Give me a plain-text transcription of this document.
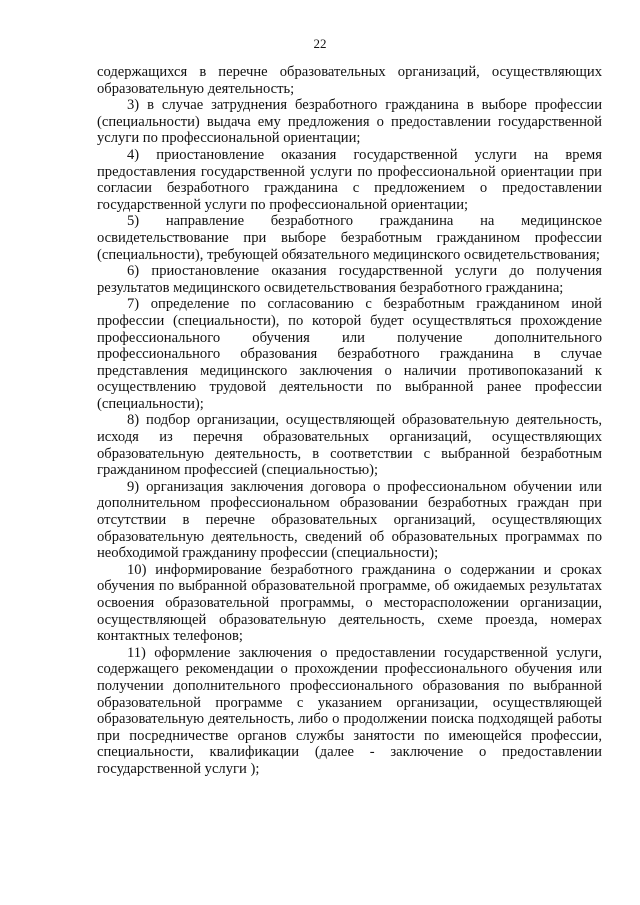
22

содержащихся в перечне образовательных организаций, осуществляющих образовательную деятельность;

3) в случае затруднения безработного гражданина в выборе профессии (специальности) выдача ему предложения о предоставлении государственной услуги по профессиональной ориентации;

4) приостановление оказания государственной услуги на время предоставления государственной услуги по профессиональной ориентации при согласии безработного гражданина с предложением о предоставлении государственной услуги по профессиональной ориентации;

5) направление безработного гражданина на медицинское освидетельствование при выборе безработным гражданином профессии (специальности), требующей обязательного медицинского освидетельствования;

6) приостановление оказания государственной услуги до получения результатов медицинского освидетельствования безработного гражданина;

7) определение по согласованию с безработным гражданином иной профессии (специальности), по которой будет осуществляться прохождение профессионального обучения или получение дополнительного профессионального образования безработного гражданина в случае представления медицинского заключения о наличии противопоказаний к осуществлению трудовой деятельности по выбранной ранее профессии (специальности);

8) подбор организации, осуществляющей образовательную деятельность, исходя из перечня образовательных организаций, осуществляющих образовательную деятельность, в соответствии с выбранной безработным гражданином профессией (специальностью);

9) организация заключения договора о профессиональном обучении или дополнительном профессиональном образовании безработных граждан при отсутствии в перечне образовательных организаций, осуществляющих образовательную деятельность, сведений об образовательных программах по необходимой гражданину профессии (специальности);

10) информирование безработного гражданина о содержании и сроках обучения по выбранной образовательной программе, об ожидаемых результатах освоения образовательной программы, о месторасположении организации, осуществляющей образовательную деятельность, схеме проезда, номерах контактных телефонов;

11) оформление заключения о предоставлении государственной услуги, содержащего рекомендации о прохождении профессионального обучения или получении дополнительного профессионального образования по выбранной образовательной программе с указанием организации, осуществляющей образовательную деятельность, либо о продолжении поиска подходящей работы при посредничестве органов службы занятости по имеющейся профессии, специальности, квалификации (далее - заключение о предоставлении государственной услуги );
